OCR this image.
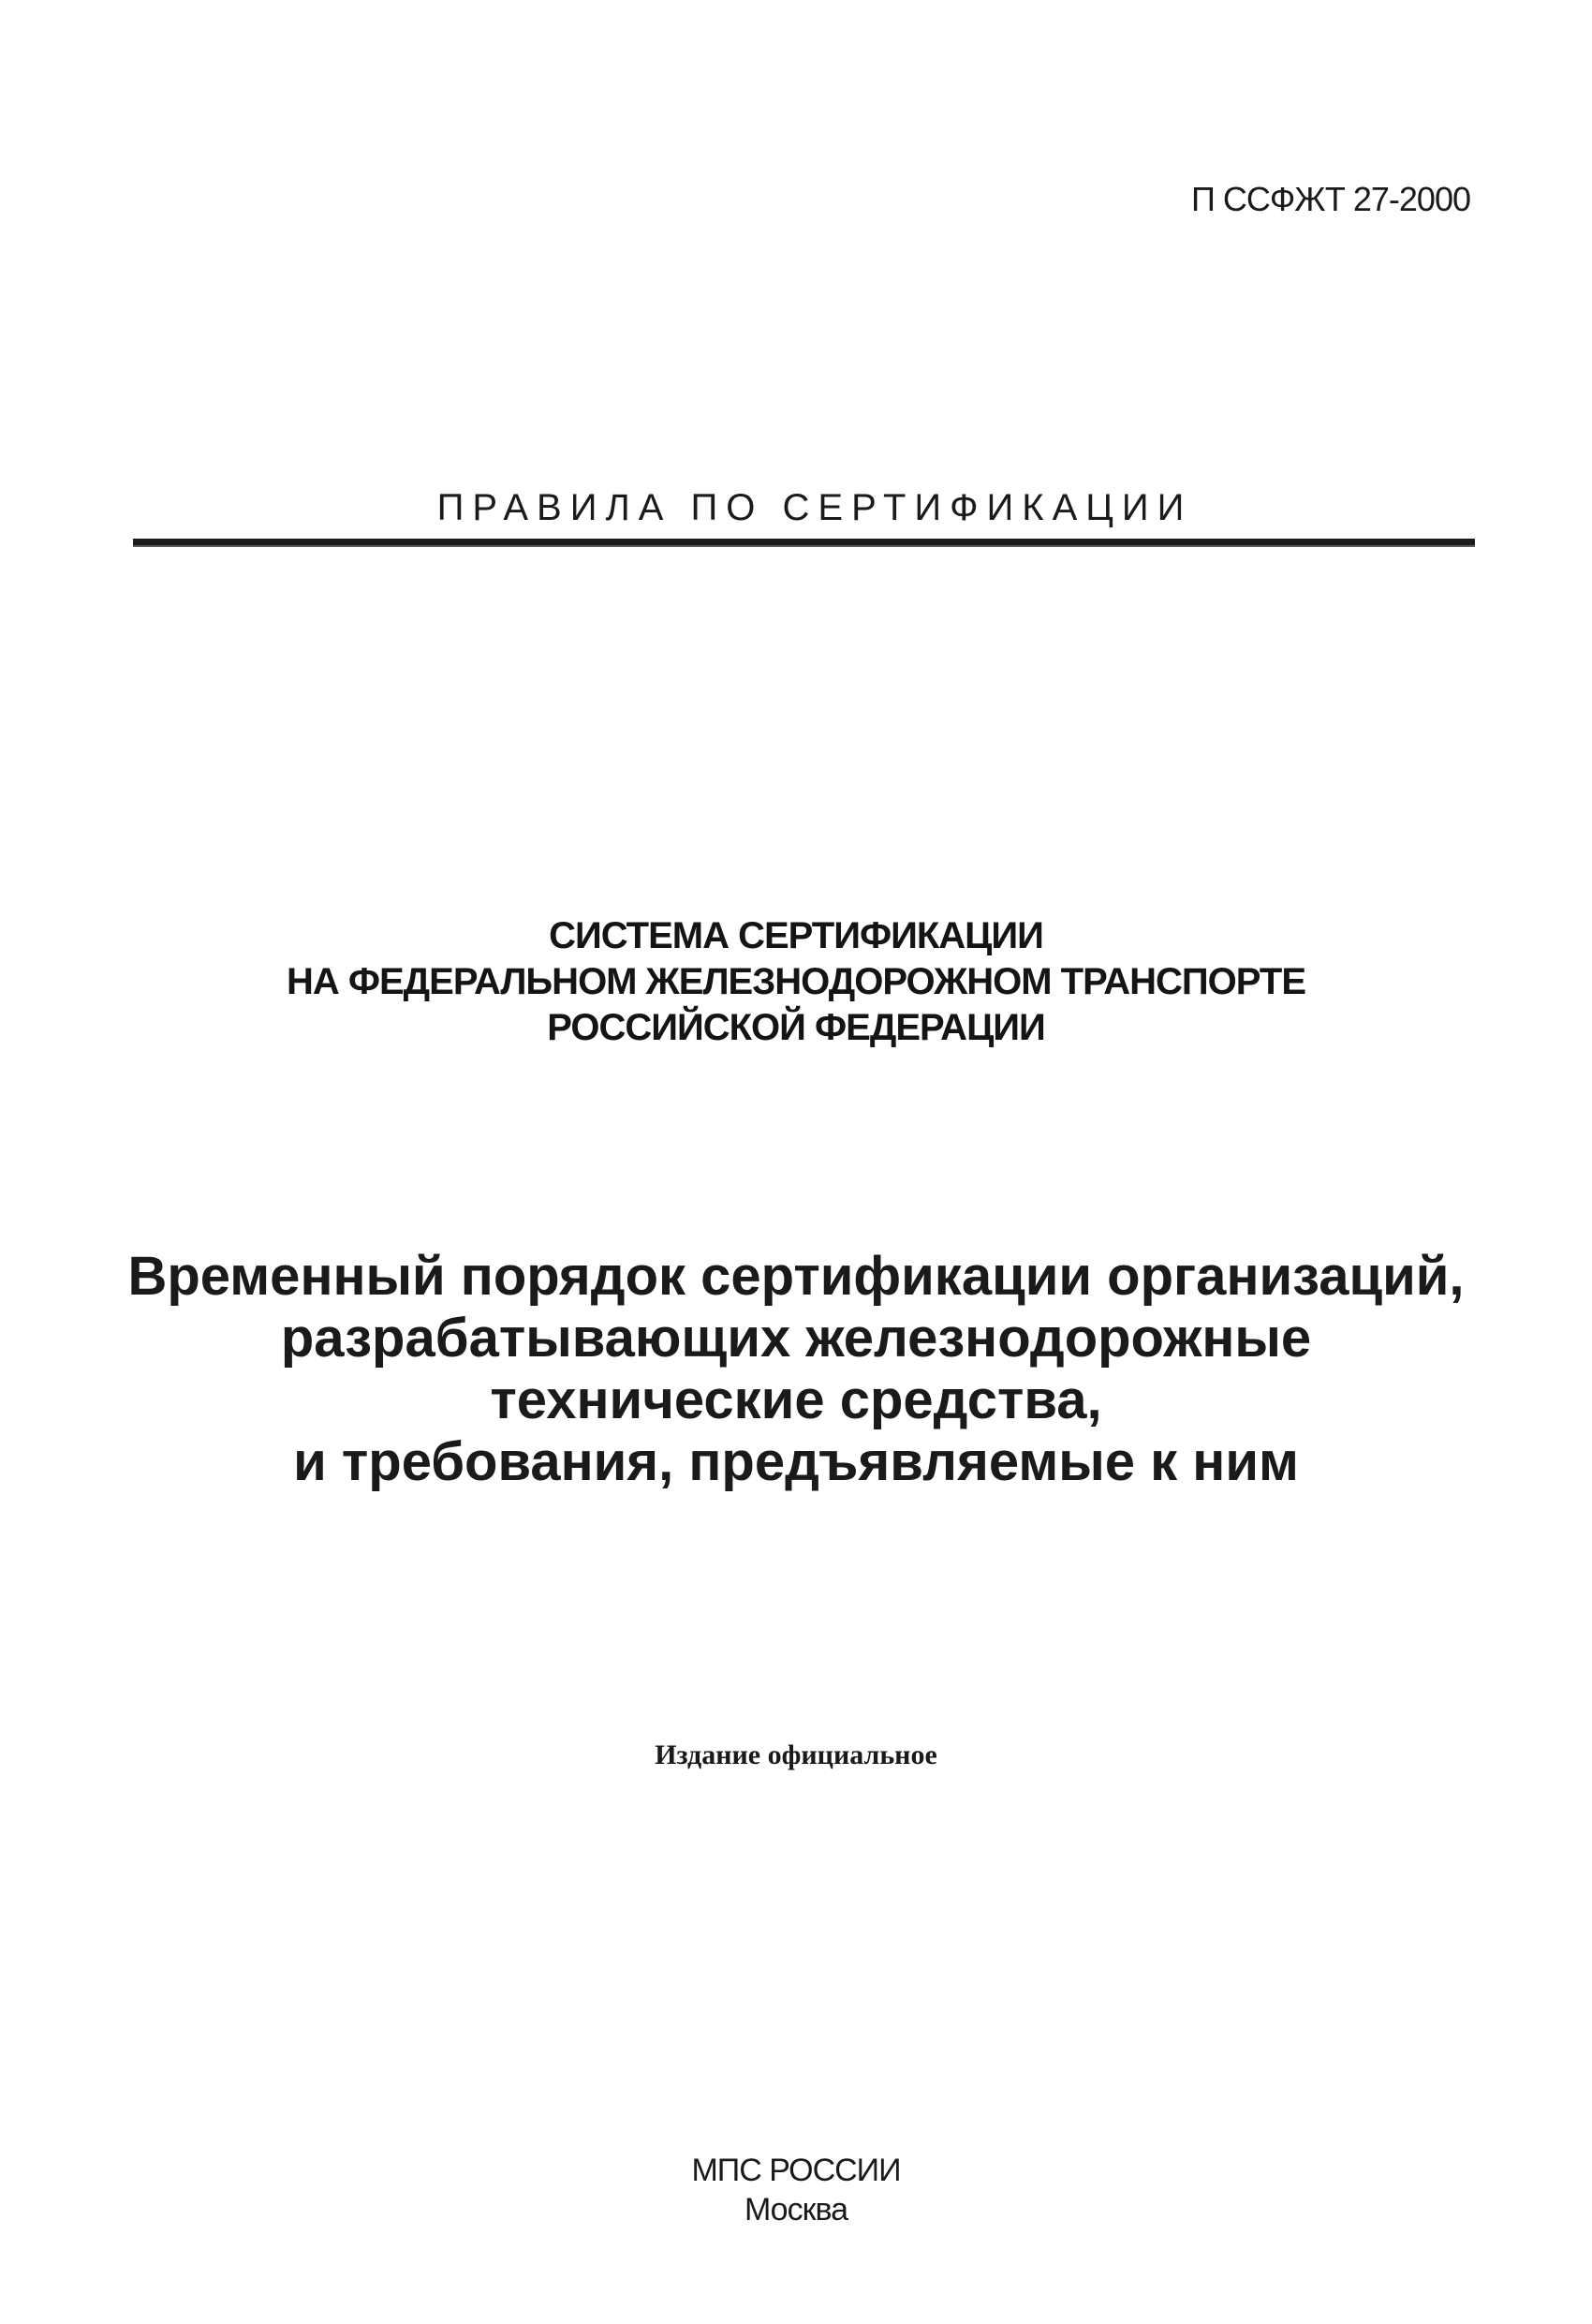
П ССФЖТ 27-2000
ПРАВИЛА ПО СЕРТИФИКАЦИИ
СИСТЕМА СЕРТИФИКАЦИИ
НА ФЕДЕРАЛЬНОМ ЖЕЛЕЗНОДОРОЖНОМ ТРАНСПОРТЕ
РОССИЙСКОЙ ФЕДЕРАЦИИ
Временный порядок сертификации организаций,
разрабатывающих железнодорожные
технические средства,
и требования, предъявляемые к ним
Издание официальное
МПС РОССИИ
Москва
